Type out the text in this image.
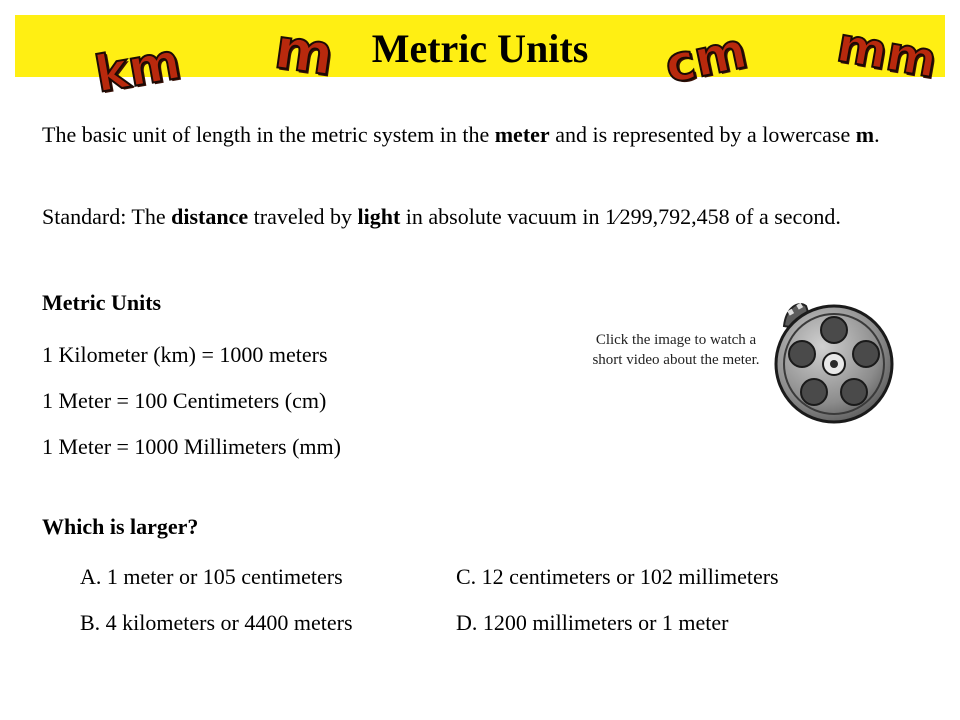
km m Metric Units	cm mm
The basic unit of length in the metric system in the meter and is represented by a lowercase m.
Standard: The distance traveled by light in absolute vacuum in 1⁄299,792,458 of a second.
Metric Units
1 Kilometer (km) = 1000 meters
1 Meter = 100 Centimeters (cm)
1 Meter = 1000 Millimeters (mm)
Click the image to watch a short video about the meter.
Which is larger?
A. 1 meter or 105 centimeters
B. 4 kilometers or 4400 meters
C. 12 centimeters or 102 millimeters
D. 1200 millimeters or 1 meter
